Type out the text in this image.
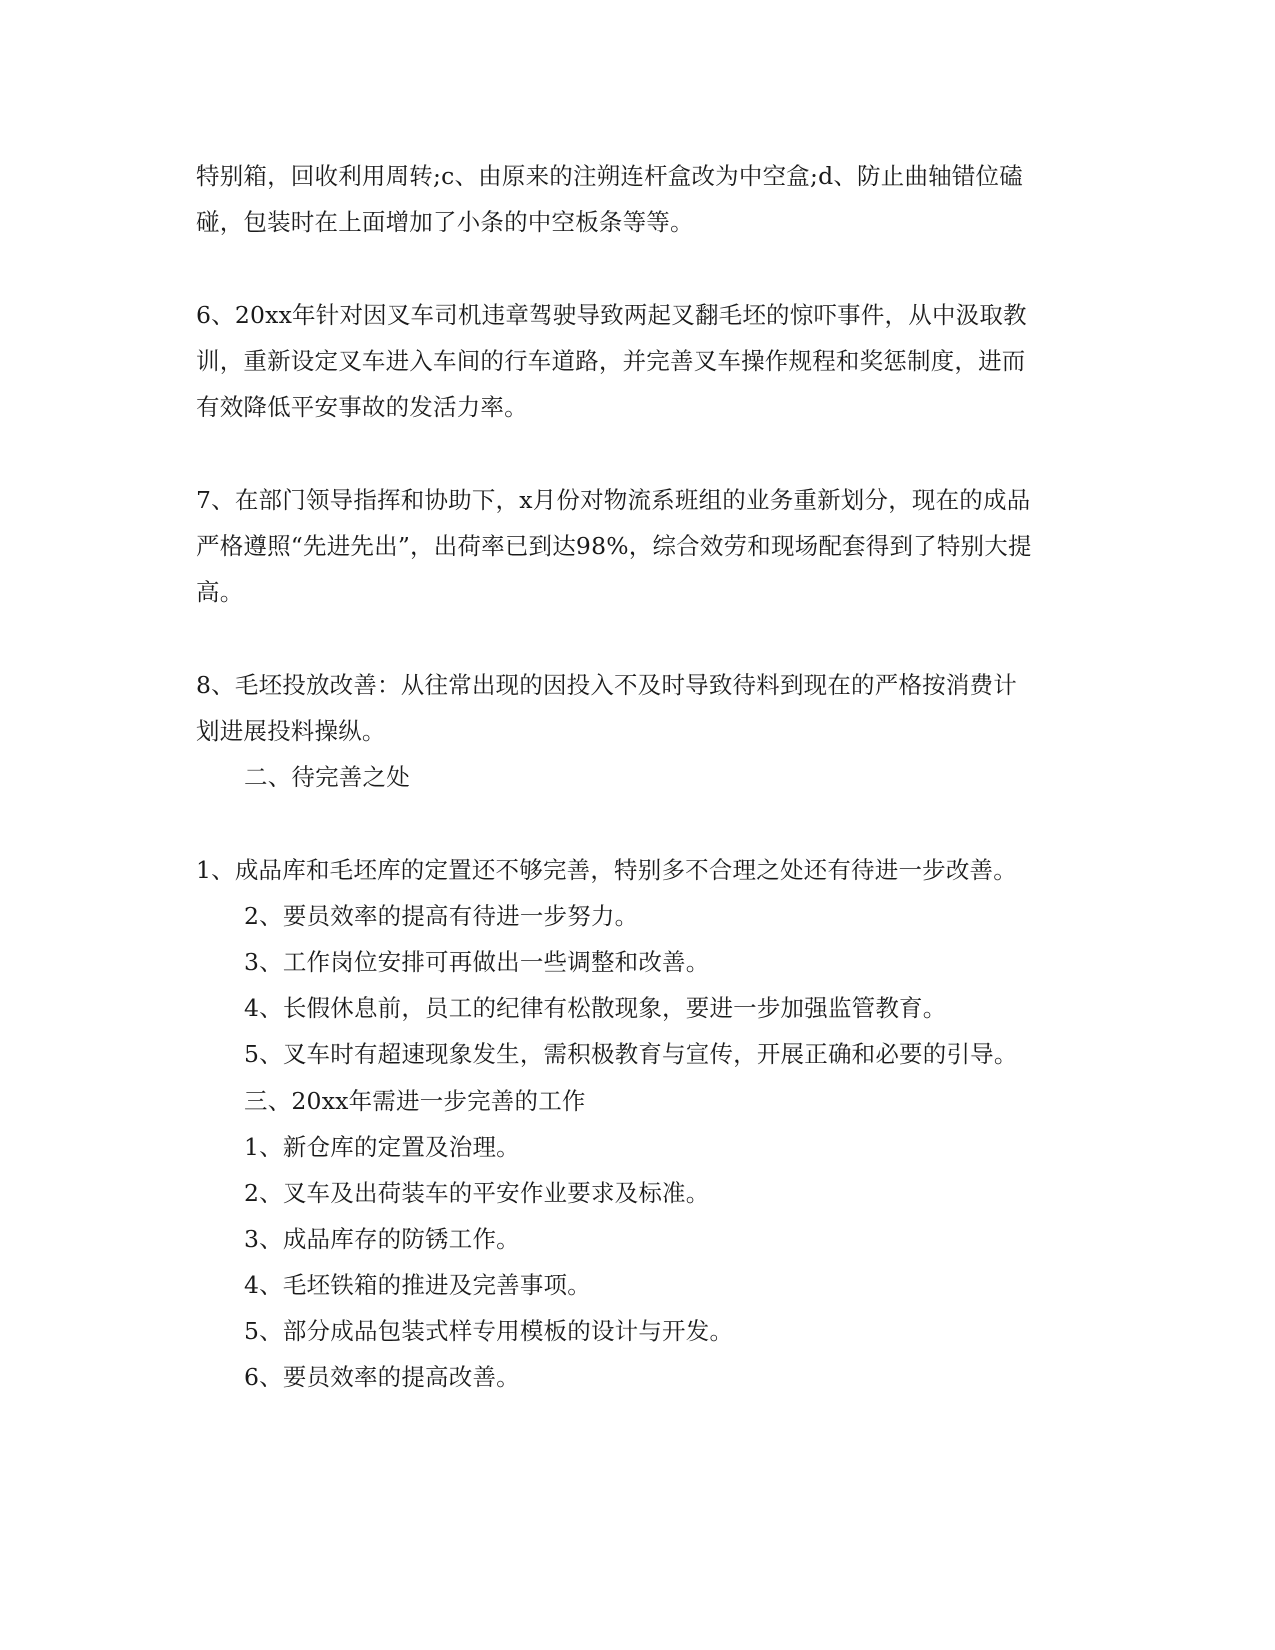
特别箱，回收利用周转;c、由原来的注朔连杆盒改为中空盒;d、防止曲轴错位磕
碰，包装时在上面增加了小条的中空板条等等。
6、20xx年针对因叉车司机违章驾驶导致两起叉翻毛坯的惊吓事件，从中汲取教
训，重新设定叉车进入车间的行车道路，并完善叉车操作规程和奖惩制度，进而
有效降低平安事故的发活力率。
7、在部门领导指挥和协助下，x月份对物流系班组的业务重新划分，现在的成品
严格遵照“先进先出”，出荷率已到达98%，综合效劳和现场配套得到了特别大提
高。
8、毛坯投放改善：从往常出现的因投入不及时导致待料到现在的严格按消费计
划进展投料操纵。
二、待完善之处
1、成品库和毛坯库的定置还不够完善，特别多不合理之处还有待进一步改善。
2、要员效率的提高有待进一步努力。
3、工作岗位安排可再做出一些调整和改善。
4、长假休息前，员工的纪律有松散现象，要进一步加强监管教育。
5、叉车时有超速现象发生，需积极教育与宣传，开展正确和必要的引导。
三、20xx年需进一步完善的工作
1、新仓库的定置及治理。
2、叉车及出荷装车的平安作业要求及标准。
3、成品库存的防锈工作。
4、毛坯铁箱的推进及完善事项。
5、部分成品包装式样专用模板的设计与开发。
6、要员效率的提高改善。
